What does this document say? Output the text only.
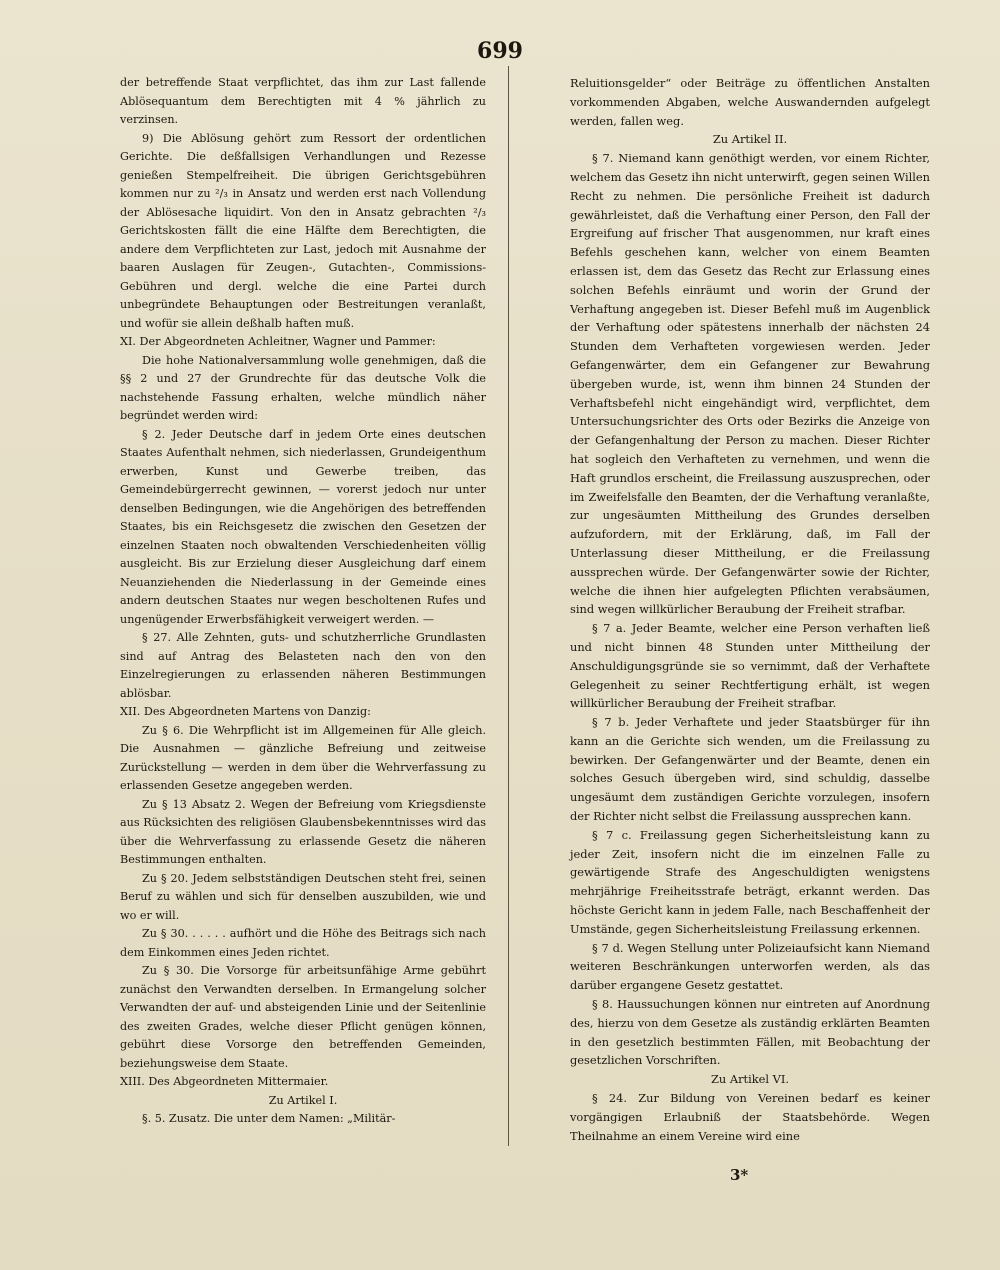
699

der betreffende Staat verpflichtet, das ihm zur Last fallende Ablösequantum dem Berechtigten mit 4 % jährlich zu verzinsen.

9) Die Ablösung gehört zum Ressort der ordentlichen Gerichte. Die deßfallsigen Verhandlungen und Rezesse genießen Stempelfreiheit. Die übrigen Gerichtsgebühren kommen nur zu ²/₃ in Ansatz und werden erst nach Vollendung der Ablösesache liquidirt. Von den in Ansatz gebrachten ²/₃ Gerichtskosten fällt die eine Hälfte dem Berechtigten, die andere dem Verpflichteten zur Last, jedoch mit Ausnahme der baaren Auslagen für Zeugen-, Gutachten-, Commissions-Gebühren und dergl. welche die eine Partei durch unbegründete Behauptungen oder Bestreitungen veranlaßt, und wofür sie allein deßhalb haften muß.

XI. Der Abgeordneten Achleitner, Wagner und Pammer:

Die hohe Nationalversammlung wolle genehmigen, daß die §§ 2 und 27 der Grundrechte für das deutsche Volk die nachstehende Fassung erhalten, welche mündlich näher begründet werden wird:

§ 2. Jeder Deutsche darf in jedem Orte eines deutschen Staates Aufenthalt nehmen, sich niederlassen, Grundeigenthum erwerben, Kunst und Gewerbe treiben, das Gemeindebürgerrecht gewinnen, — vorerst jedoch nur unter denselben Bedingungen, wie die Angehörigen des betreffenden Staates, bis ein Reichsgesetz die zwischen den Gesetzen der einzelnen Staaten noch obwaltenden Verschiedenheiten völlig ausgleicht. Bis zur Erzielung dieser Ausgleichung darf einem Neuanziehenden die Niederlassung in der Gemeinde eines andern deutschen Staates nur wegen bescholtenen Rufes und ungenügender Erwerbsfähigkeit verweigert werden. —

§ 27. Alle Zehnten, guts- und schutzherrliche Grundlasten sind auf Antrag des Belasteten nach den von den Einzelregierungen zu erlassenden näheren Bestimmungen ablösbar.

XII. Des Abgeordneten Martens von Danzig:

Zu § 6. Die Wehrpflicht ist im Allgemeinen für Alle gleich. Die Ausnahmen — gänzliche Befreiung und zeitweise Zurückstellung — werden in dem über die Wehrverfassung zu erlassenden Gesetze angegeben werden.

Zu § 13 Absatz 2. Wegen der Befreiung vom Kriegsdienste aus Rücksichten des religiösen Glaubensbekenntnisses wird das über die Wehrverfassung zu erlassende Gesetz die näheren Bestimmungen enthalten.

Zu § 20. Jedem selbstständigen Deutschen steht frei, seinen Beruf zu wählen und sich für denselben auszubilden, wie und wo er will.

Zu § 30. . . . . . aufhört und die Höhe des Beitrags sich nach dem Einkommen eines Jeden richtet.

Zu § 30. Die Vorsorge für arbeitsunfähige Arme gebührt zunächst den Verwandten derselben. In Ermangelung solcher Verwandten der auf- und absteigenden Linie und der Seitenlinie des zweiten Grades, welche dieser Pflicht genügen können, gebührt diese Vorsorge den betreffenden Gemeinden, beziehungsweise dem Staate.

XIII. Des Abgeordneten Mittermaier.

Zu Artikel I.

§. 5. Zusatz. Die unter dem Namen: „Militär-

Reluitionsgelder“ oder Beiträge zu öffentlichen Anstalten vorkommenden Abgaben, welche Auswandernden aufgelegt werden, fallen weg.

Zu Artikel II.

§ 7. Niemand kann genöthigt werden, vor einem Richter, welchem das Gesetz ihn nicht unterwirft, gegen seinen Willen Recht zu nehmen. Die persönliche Freiheit ist dadurch gewährleistet, daß die Verhaftung einer Person, den Fall der Ergreifung auf frischer That ausgenommen, nur kraft eines Befehls geschehen kann, welcher von einem Beamten erlassen ist, dem das Gesetz das Recht zur Erlassung eines solchen Befehls einräumt und worin der Grund der Verhaftung angegeben ist. Dieser Befehl muß im Augenblick der Verhaftung oder spätestens innerhalb der nächsten 24 Stunden dem Verhafteten vorgewiesen werden. Jeder Gefangenwärter, dem ein Gefangener zur Bewahrung übergeben wurde, ist, wenn ihm binnen 24 Stunden der Verhaftsbefehl nicht eingehändigt wird, verpflichtet, dem Untersuchungsrichter des Orts oder Bezirks die Anzeige von der Gefangenhaltung der Person zu machen. Dieser Richter hat sogleich den Verhafteten zu vernehmen, und wenn die Haft grundlos erscheint, die Freilassung auszusprechen, oder im Zweifelsfalle den Beamten, der die Verhaftung veranlaßte, zur ungesäumten Mittheilung des Grundes derselben aufzufordern, mit der Erklärung, daß, im Fall der Unterlassung dieser Mittheilung, er die Freilassung aussprechen würde. Der Gefangenwärter sowie der Richter, welche die ihnen hier aufgelegten Pflichten verabsäumen, sind wegen willkürlicher Beraubung der Freiheit strafbar.

§ 7 a. Jeder Beamte, welcher eine Person verhaften ließ und nicht binnen 48 Stunden unter Mittheilung der Anschuldigungsgründe sie so vernimmt, daß der Verhaftete Gelegenheit zu seiner Rechtfertigung erhält, ist wegen willkürlicher Beraubung der Freiheit strafbar.

§ 7 b. Jeder Verhaftete und jeder Staatsbürger für ihn kann an die Gerichte sich wenden, um die Freilassung zu bewirken. Der Gefangenwärter und der Beamte, denen ein solches Gesuch übergeben wird, sind schuldig, dasselbe ungesäumt dem zuständigen Gerichte vorzulegen, insofern der Richter nicht selbst die Freilassung aussprechen kann.

§ 7 c. Freilassung gegen Sicherheitsleistung kann zu jeder Zeit, insofern nicht die im einzelnen Falle zu gewärtigende Strafe des Angeschuldigten wenigstens mehrjährige Freiheitsstrafe beträgt, erkannt werden. Das höchste Gericht kann in jedem Falle, nach Beschaffenheit der Umstände, gegen Sicherheitsleistung Freilassung erkennen.

§ 7 d. Wegen Stellung unter Polizeiaufsicht kann Niemand weiteren Beschränkungen unterworfen werden, als das darüber ergangene Gesetz gestattet.

§ 8. Haussuchungen können nur eintreten auf Anordnung des, hierzu von dem Gesetze als zuständig erklärten Beamten in den gesetzlich bestimmten Fällen, mit Beobachtung der gesetzlichen Vorschriften.

Zu Artikel VI.

§ 24. Zur Bildung von Vereinen bedarf es keiner vorgängigen Erlaubniß der Staatsbehörde. Wegen Theilnahme an einem Vereine wird eine

3*
